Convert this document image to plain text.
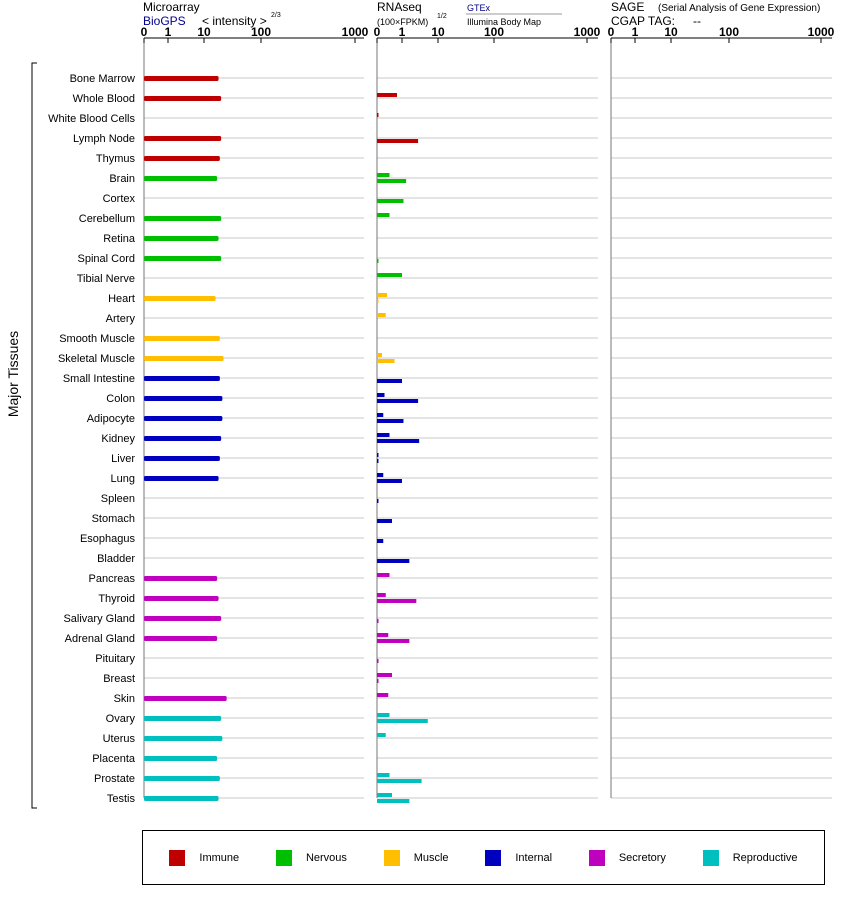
Microarray
BioGPS < intensity > 2/3
RNAseq
(100×FPKM)
1/2
GTEx
Illumina Body Map
SAGE (Serial Analysis of Gene Expression)
CGAP TAG: --
Major Tissues
0 1 10	100	1000 0 1 10	100	1000 0 1 10	100	1000
Bone Marrow
Whole Blood
White Blood Cells
Lymph Node
Thymus
Brain
Cortex
Cerebellum
Retina
Spinal Cord
Tibial Nerve
Heart
Artery
Smooth Muscle
Skeletal Muscle
Small Intestine
Colon
Adipocyte
Kidney
Liver
Lung
Spleen
Stomach
Esophagus
Bladder
Pancreas
Thyroid
Salivary Gland
Adrenal Gland
Pituitary
Breast
Skin
Ovary
Uterus
Placenta
Prostate
Testis
Immune	Nervous	Muscle	Internal	Secretory	Reproductive
